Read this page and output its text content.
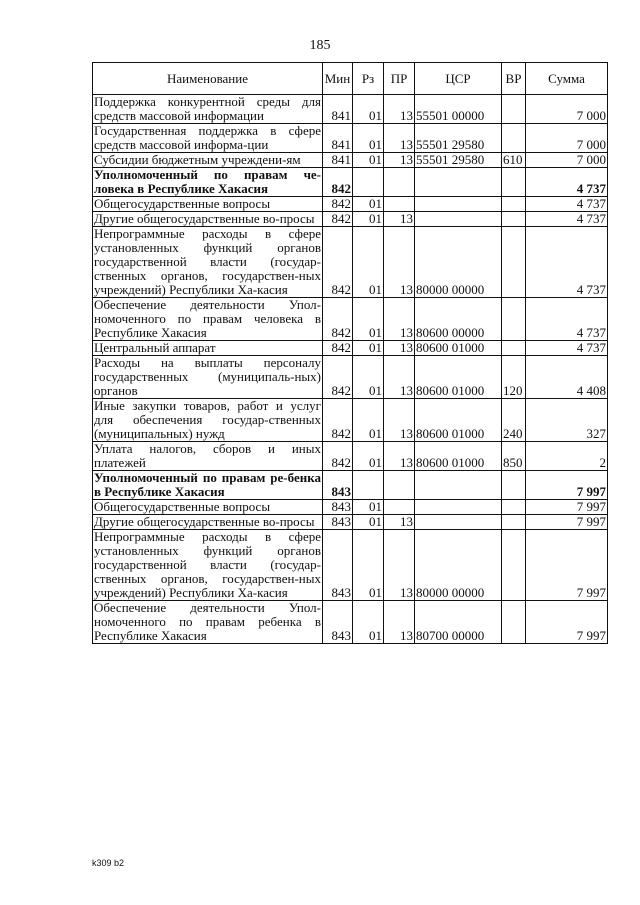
185
Наименование	Мин	Рз	ПР	ЦСР	ВР	Сумма
Поддержка конкурентной среды для средств массовой информации	841	01	13	55501 00000		7 000
Государственная поддержка в сфере средств массовой информа-ции	841	01	13	55501 29580		7 000
Субсидии бюджетным учреждени-ям	841	01	13	55501 29580	610	7 000
Уполномоченный по правам че-ловека в Республике Хакасия	842					4 737
Общегосударственные вопросы	842	01				4 737
Другие общегосударственные во-просы	842	01	13			4 737
Непрограммные расходы в сфере установленных функций органов государственной власти (государ-ственных органов, государствен-ных учреждений) Республики Ха-касия	842	01	13	80000 00000		4 737
Обеспечение деятельности Упол-номоченного по правам человека в Республике Хакасия	842	01	13	80600 00000		4 737
Центральный аппарат	842	01	13	80600 01000		4 737
Расходы на выплаты персоналу государственных (муниципаль-ных) органов	842	01	13	80600 01000	120	4 408
Иные закупки товаров, работ и услуг для обеспечения государ-ственных (муниципальных) нужд	842	01	13	80600 01000	240	327
Уплата налогов, сборов и иных платежей	842	01	13	80600 01000	850	2
Уполномоченный по правам ре-бенка в Республике Хакасия	843					7 997
Общегосударственные вопросы	843	01				7 997
Другие общегосударственные во-просы	843	01	13			7 997
Непрограммные расходы в сфере установленных функций органов государственной власти (государ-ственных органов, государствен-ных учреждений) Республики Ха-касия	843	01	13	80000 00000		7 997
Обеспечение деятельности Упол-номоченного по правам ребенка в Республике Хакасия	843	01	13	80700 00000		7 997
k309 b2
